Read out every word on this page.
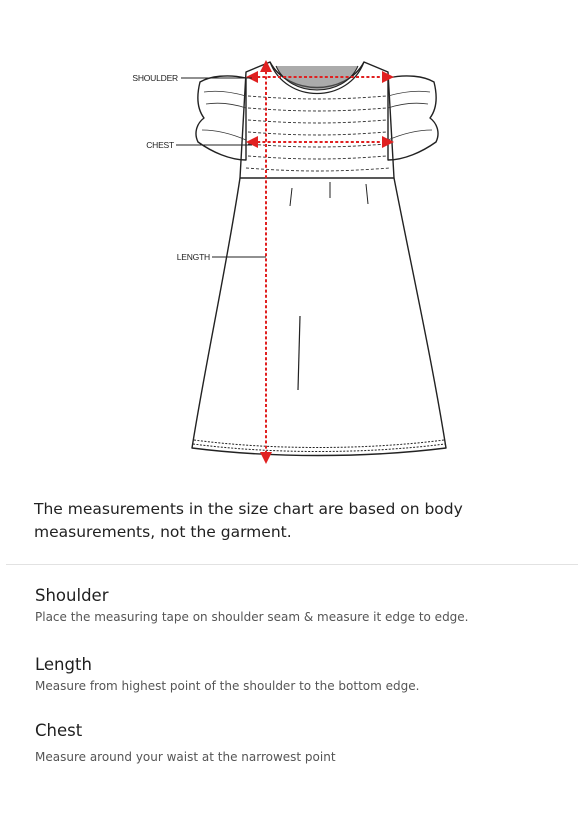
SHOULDER
CHEST
LENGTH

The measurements in the size chart are based on body measurements, not the garment.

Shoulder

Place the measuring tape on shoulder seam & measure it edge to edge.

Length

Measure from highest point of the shoulder to the bottom edge.

Chest

Measure around your waist at the narrowest point
